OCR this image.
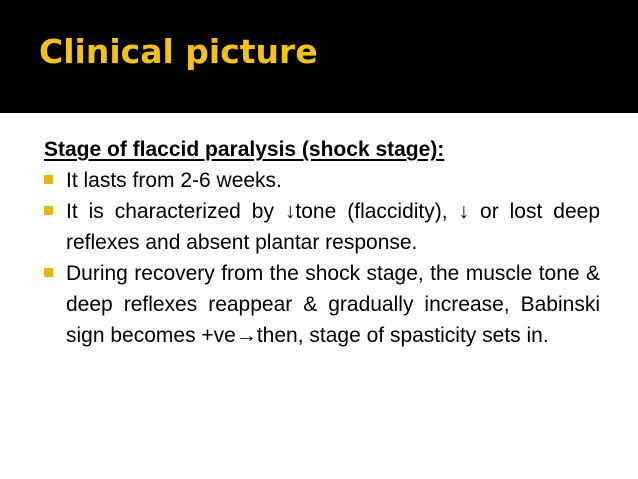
Clinical picture

Stage of flaccid paralysis (shock stage):

It lasts from 2-6 weeks.
It is characterized by ↓tone (flaccidity), ↓ or lost deep reflexes and absent plantar response.
During recovery from the shock stage, the muscle tone & deep reflexes reappear & gradually increase, Babinski sign becomes +ve→then, stage of spasticity sets in.
